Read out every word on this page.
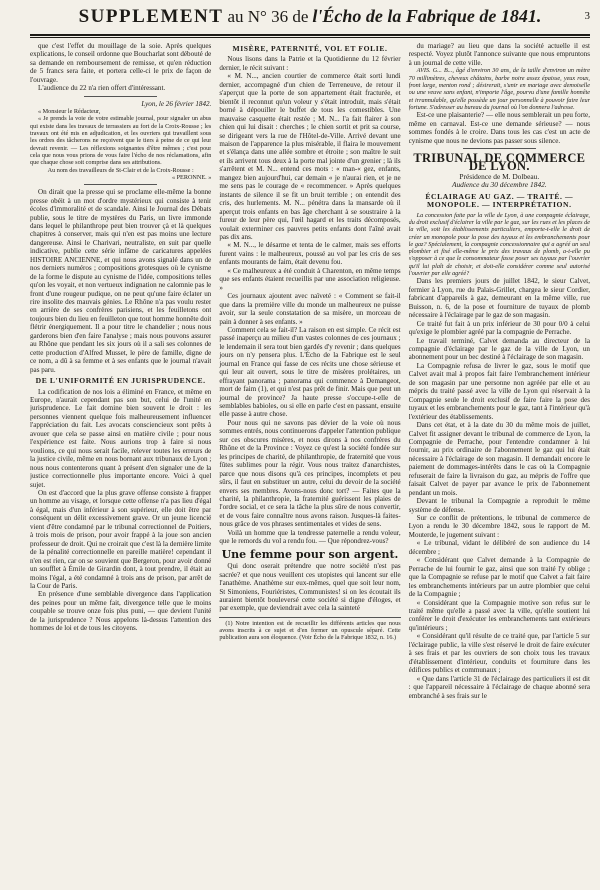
SUPPLEMENT au N° 36 de l'Écho de la Fabrique de 1841.	3

que c'est l'effet du mouillage de la soie. Après quelques explications, le conseil ordonne que Boucharlat sont débouté de sa demande en remboursement de remisse, et qu'en réduction de 5 francs sera faite, et portera celle-ci le prix de façon de l'ouvrage.

L'audience du 22 n'a rien offert d'intéressant.

Lyon, le 26 février 1842.

« Monsieur le Rédacteur,

« Je prends la voie de votre estimable journal, pour signaler un abus qui existe dans les travaux de terrassiers au fort de la Croix-Rousse ; les travaux ont été mis en adjudication, et les ouvriers qui travaillent sous les ordres des tâcherons ne reçoivent que le tiers à peine de ce qui leur devrait revenir. — Les réflexions soignantes d'être mêmes ; c'est pour cela que nous vous prions de vous faire l'écho de nos réclamations, afin que chaque chose soit comprise dans ses attributions.

Au nom des travailleurs de St-Clair et de la Croix-Rousse :

« PERONNE. »

On dirait que la presse qui se proclame elle-même la bonne presse obéit à un mot d'ordre mystérieux qui consiste à tenir écoles d'immoralité et de scandale. Ainsi le Journal des Débats publie, sous le titre de mystères du Paris, un livre immonde dans lequel le philanthrope peut bien trouver çà et là quelques chapitres à conserver, mais qui n'en est pas moins une lecture dangereuse. Ainsi le Charivari, neutraliste, en suit par quelle indicative, publie cette série infâme de caricatures appelées HISTOIRE ANCIENNE, et qui nous avons signalé dans un de nos derniers numéros ; compositions grotesques où le cynisme de la forme le dispute au cynisme de l'idée, compositions telles qu'on les voyait, et non vertueux indignation ne calomnie pas le front d'une rougeur pudique, on ne peut qu'une faire éclater un rire insolite des mauvais génies. Le Rhône n'a pas voulu rester en arrière de ses confrères parisiens, et les feuilletons ont toujours bien du lieu en feuilleton que tout homme honnête doit flétrir énergiquement. Il a pour titre le chandelier ; nous nous garderons bien d'en faire l'analyse ; mais nous pouvons assurer au Rhône que pendant les six jours où il a sali ses colonnes de cette production d'Alfred Musset, le père de famille, digne de ce nom, a dû à sa femme et à ses enfants que le journal n'avait pas paru.

DE L'UNIFORMITÉ EN JURISPRUDENCE.

La codification de nos lois a éliminé en France, et même en Europe, n'aurait cependant pas son but, celui de l'unité en jurisprudence. Le fait domine bien souvent le droit : les personnes viennent quelque fois malheureusement influencer l'appréciation du fait. Les avocats consciencieux sont prêts à avouer que cela se passe ainsi en matière civile ; pour nous l'expérience est faite. Nous aurions trop à faire si nous voulions, ce qui nous serait facile, relever toutes les erreurs de la justice civile, même en nous bornant aux tribunaux de Lyon ; nous nous contenterons quant à présent d'en signaler une de la justice correctionnelle plus importante encore. Voici à quel sujet.

On est d'accord que la plus grave offense consiste à frapper un homme au visage, et lorsque cette offense n'a pas lieu d'égal à égal, mais d'un inférieur à son supérieur, elle doit être par conséquent un délit excessivement grave. Or un jeune licencié vient d'être condamné par le tribunal correctionnel de Poitiers, à trois mois de prison, pour avoir frappé à la joue son ancien professeur de droit. Qui ne croirait que c'est là la dernière limite de la pénalité correctionnelle en pareille matière! cependant il n'en est rien, car on se souvient que Bergeron, pour avoir donné un soufflet à Émile de Girardin dont, à tout prendre, il était au moins l'égal, a été condamné à trois ans de prison, par arrêt de la Cour de Paris.

En présence d'une semblable divergence dans l'application des peines pour un même fait, divergence telle que le moins coupable se trouve onze fois plus puni, — que devient l'unité de la jurisprudence ? Nous appelons là-dessus l'attention des hommes de loi et de tous les citoyens.

MISÈRE, PATERNITÉ, VOL ET FOLIE.

Nous lisons dans la Patrie et la Quotidienne du 12 février dernier, le récit suivant :

« M. N..., ancien courtier de commerce était sorti lundi dernier, accompagné d'un chien de Terreneuve, de retour il s'aperçut que la porte de son appartement était fracturée, et bientôt il reconnut qu'un voleur y s'était introduit, mais s'était borné à dépouiller le buffet de tous les comestibles. Une mauvaise casquette était restée ; M. N... l'a fait flairer à son chien qui lui disait : cherches ; le chien sortit et prit sa course, se dirigeant vers la rue de l'Hôtel-de-Ville. Arrivé devant une maison de l'apparence la plus misérable, il flaira le mouvement et s'élança dans une allée sombre et étroite ; son maître le suit et ils arrivent tous deux à la porte mal jointe d'un grenier ; là ils s'arrêtent et M. N... entend ces mots : « man-« gez, enfants, mangez bien aujourd'hui, car demain « je n'aurai rien, et je ne me sens pas le courage de « recommencer. » Après quelques instants de silence il se fit un bruit terrible ; on entendit des cris, des hurlements. M. N... pénétra dans la mansarde où il aperçut trois enfants en bas âge cherchant à se soustraire à la fureur de leur père qui, l'œil hagard et les traits décomposés, voulait exterminer ces pauvres petits enfants dont l'aîné avait pas dix ans.

« M. N..., le désarme et tenta de le calmer, mais ses efforts furent vains : le malheureux, poussé au vol par les cris de ses enfants mourants de faim, était devenu fou.

« Ce malheureux a été conduit à Charenton, en même temps que ses enfants étaient recueillis par une association religieuse. »

Ces journaux ajoutent avec naïveté : « Comment se fait-il que dans la première ville du monde un malheureux ne puisse avoir, sur la seule constatation de sa misère, un morceau de pain à donner à ses enfants. »

Comment cela se fait-il? La raison en est simple. Ce récit est passé inaperçu au milieu d'un vastes colonnes de ces journaux ; le lendemain il sera tout bien gardés d'y revenir ; dans quelques jours on n'y pensera plus. L'Écho de la Fabrique est le seul journal en France qui fasse de ces récits une chose sérieuse et qui leur ait ouvert, sous le titre de misères prolétaires, un effrayant panorama ; panorama qui commence à Demangeot, mort de faim (1), et qui n'est pas prêt de finir. Mais que peut un journal de province? Ja haute presse s'occupe-t-elle de semblables babioles, ou si elle en parle c'est en passant, ensuite elle passe à autre chose.

Pour nous qui ne savons pas dévier de la voie où nous sommes entrés, nous continuerons d'appeler l'attention publique sur ces obscures misères, et nous dirons à nos confrères du Rhône et de la Province : Voyez ce qu'est la société fondée sur les principes de charité, de philanthropie, de fraternité que vous fûtes sublimes pour la régir. Vous nous traitez d'anarchistes, parce que nous disons qu'à ces principes, incomplets et peu sûrs, il faut en substituer un autre, celui du devoir de la société envers ses membres. Avons-nous donc tort? — Faites que la charité, la philanthropie, la fraternité guérissent les plaies de l'ordre social, et ce sera la tâche la plus sûre de nous convertir, et de vous faire connaître nous avons raison. Jusques-là faites-nous grâce de vos phrases sentimentales et vides de sens.

Voilà un homme que la tendresse paternelle a rendu voleur, que le remords du vol a rendu fou. — Que répondrez-vous?

Une femme pour son argent.

Qui donc oserait prétendre que notre société n'est pas sacrée? et que nous veuillent ces utopistes qui lancent sur elle l'anathème. Anathème sur eux-mêmes, quel que soit leur nom, St Simoniens, Fouriéristes, Communistes! si on les écoutait ils auraient bientôt bouleversé cette société si digne d'éloges, et par exemple, que deviendrait avec cela la sainteté

(1) Notre intention est de recueillir les différents articles que nous avons inscrits à ce sujet et d'en former un opuscule séparé. Cette publication aura son éloquence. (Voir Écho de la Fabrique 1832, n. 16.)

du mariage? au lieu que dans la société actuelle il est respecté. Voyez plutôt l'annonce suivante que nous empruntons à un journal de cette ville.

AVIS. G... B..., âgé d'environ 30 ans, de la taille d'environ un mètre 70 millimètres, cheveux châtains, barbe noire assez épaisse, yeux roux, front large, menton rond ; désirerait, s'unir en mariage avec demoiselle ou une veuve sans enfant, n'importe l'âge, pourvu d'une famille honnête et irrannulable, qu'elle possède un jour personnelle à pouvoir faire leur fortune. S'adresser au bureau du journal où l'on donnera l'adresse.

Est-ce une plaisanterie? — elle nous semblerait un peu forte, même en carnaval. Est-ce une demande sérieuse? — nous sommes fondés à le croire. Dans tous les cas c'est un acte de cynisme que nous ne devions pas passer sous silence.

TRIBUNAL DE COMMERCE DE LYON.
Présidence de M. Dolbeau.
Audience du 30 décembre 1842.
ÉCLAIRAGE AU GAZ. — TRAITÉ. — MONOPOLE. — INTERPRÉTATION.

La concession faite par la ville de Lyon, à une compagnie éclairage, du droit exclusif d'éclairer la ville par le gaz, sur les rues et les places de la ville, soit les établissements particuliers, emporte-t-elle le droit de créer un monopole pour la pose des tuyaux et les embranchements pour le gaz? Spécialement, la compagnie concessionnaire qui a agréé un seul plombier et fixé elle-même le prix des travaux de plomb, a-t-elle pu s'opposer à ce que le consommateur fasse poser ses tuyaux par l'ouvrier qu'il lui plaît de choisir, et doit-elle considérer comme seul autorisé l'ouvrier par elle agréé?

Dans les premiers jours de juillet 1842, le sieur Calvet, fermier à Lyon, rue du Palais-Grillet, chargea le sieur Cordier, fabricant d'appareils à gaz, demeurant en la même ville, rue Buisson, n. 6, de la pose et fourniture de tuyaux de plomb nécessaire à l'éclairage par le gaz de son magasin.

Ce traité fut fait à un prix inférieur de 30 pour 0/0 à celui qu'exige le plombier agréé par la compagnie de Perrache.

Le travail terminé, Calvet demanda au directeur de la compagnie d'éclairage par le gaz de la ville de Lyon, un abonnement pour un bec destiné à l'éclairage de son magasin.

La Compagnie refusa de livrer le gaz, sous le motif que Calvet avait mal à propos fait faire l'embranchement intérieur de son magasin par une personne non agréée par elle et au mépris du traité passé avec la ville de Lyon qui réservait à la Compagnie seule le droit exclusif de faire faire la pose des tuyaux et les embranchements pour le gaz, tant à l'intérieur qu'à l'extérieur des établissements.

Dans cet état, et à la date du 30 du même mois de juillet, Calvet fit assigner devant le tribunal de commerce de Lyon, la Compagnie de Perrache, pour l'entendre condamner à lui fournir, au prix ordinaire de l'abonnement le gaz qui lui était nécessaire à l'éclairage de son magasin. Il demandait encore le paiement de dommages-intérêts dans le cas où la Compagnie refuserait de faire la livraison du gaz, au mépris de l'offre que faisait Calvet de payer par avance le prix de l'abonnement pendant un mois.

Devant le tribunal la Compagnie a reproduit le même système de défense.

Sur ce conflit de prétentions, le tribunal de commerce de Lyon a rendu le 30 décembre 1842, sous le rapport de M. Mouterde, le jugement suivant :

« Le tribunal, vidant le délibéré de son audience du 14 décembre ;

« Considérant que Calvet demande à la Compagnie de Perrache de lui fournir le gaz, ainsi que son traité l'y oblige ; que la Compagnie se refuse par le motif que Calvet a fait faire les embranchements intérieurs par un autre plombier que celui de la Compagnie ;

« Considérant que la Compagnie motive son refus sur le traité même qu'elle a passé avec la ville, qu'elle soutient lui conférer le droit d'exécuter les embranchements tant extérieurs qu'intérieurs ;

« Considérant qu'il résulte de ce traité que, par l'article 5 sur l'éclairage public, la ville s'est réservé le droit de faire exécuter à ses frais et par les ouvriers de son choix tous les travaux d'établissement d'intérieur, conduits et fourniture dans les édifices publics et communaux ;

« Que dans l'article 31 de l'éclairage des particuliers il est dit : que l'appareil nécessaire à l'éclairage de chaque abonné sera embranché à ses frais sur le
